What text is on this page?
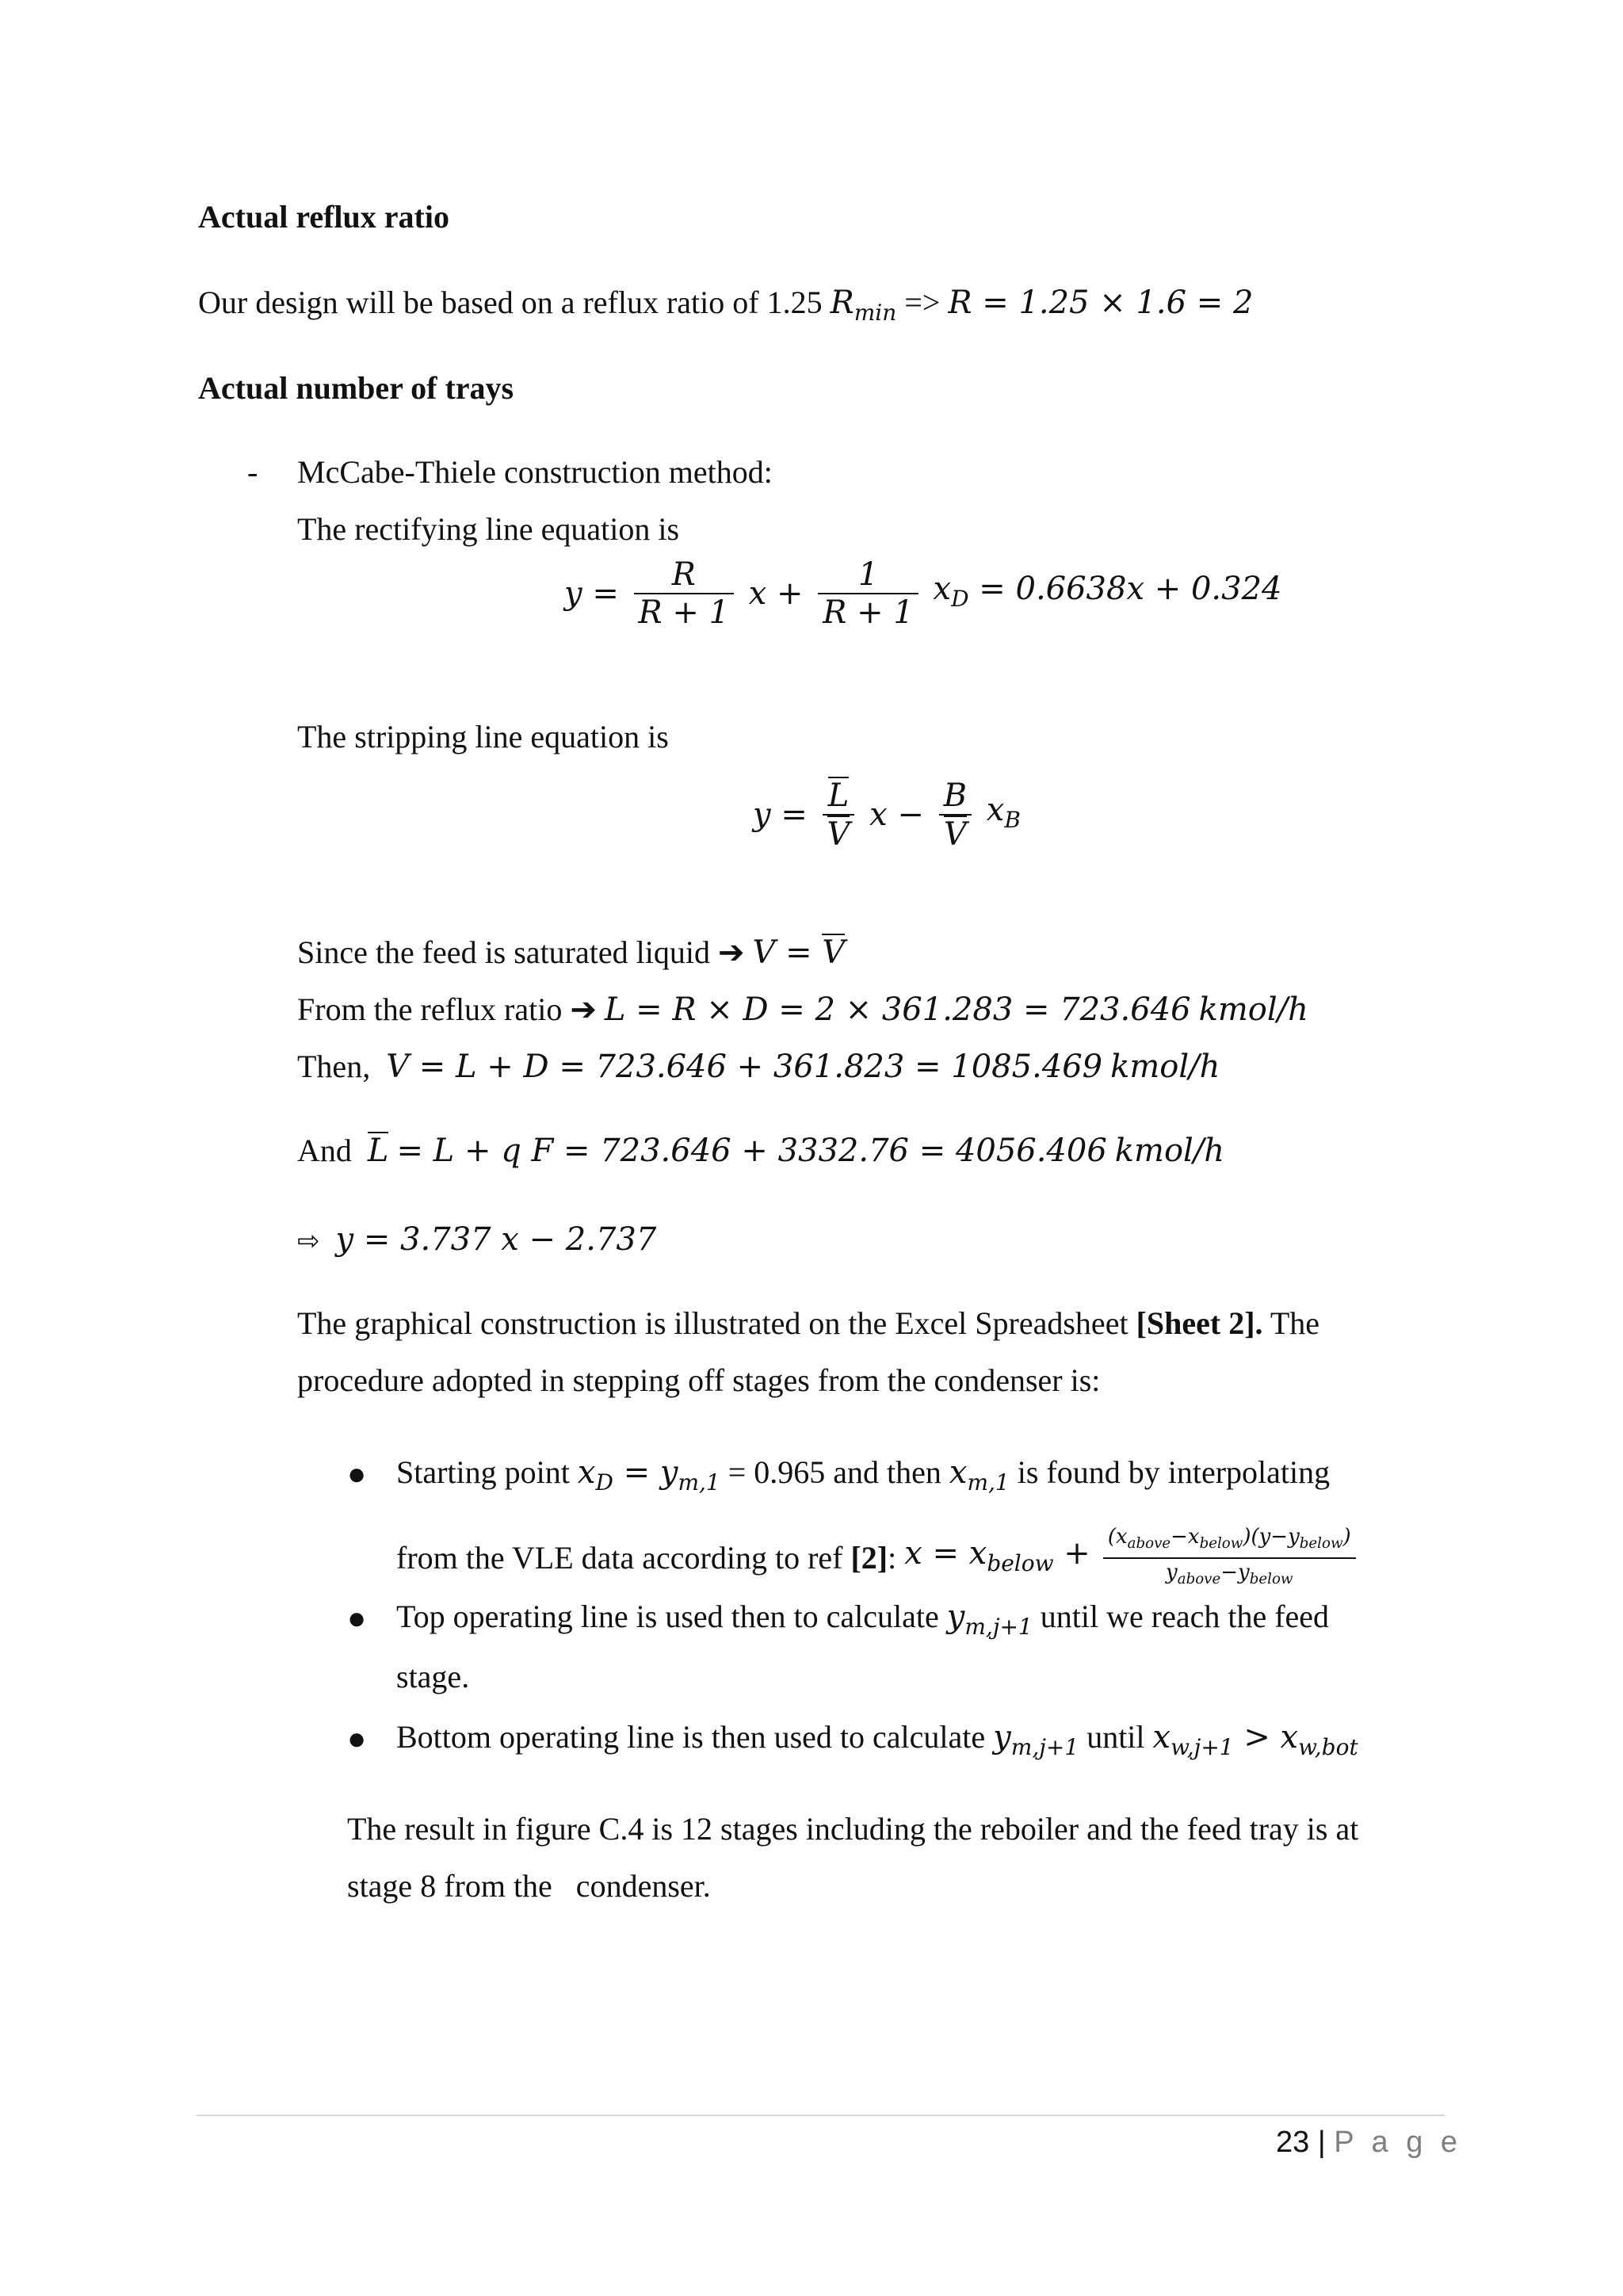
Actual reflux ratio
Our design will be based on a reflux ratio of 1.25 $R_{min} => R = 1.25 \times 1.6 = 2$
Actual number of trays
- McCabe-Thiele construction method:
The rectifying line equation is
$y = \frac{R}{R + 1}$ $x + \frac{1}{R + 1} x_D = 0.6638x + 0.324$
The stripping line equation is
$y = \frac{L}{V}$ $x - \frac{B}{V} x_B$
Since the feed is saturated liquid ➔ V = V
From the reflux ratio ➔ L = R × D = 2 × 361.283 = 723.646 kmol/h
Then, V = L + D = 723.646 + 361.823 = 1085.469 kmol/h
And L = L + q F = 723.646 + 3332.76 = 4056.406 kmol/h
⇨ y = 3.737 x − 2.737
The graphical construction is illustrated on the Excel Spreadsheet [Sheet 2]. The
procedure adopted in stepping off stages from the condenser is:
● Starting point $x_D = y_{m,1} = 0.965$ and then $x_{m,1}$ is found by interpolating
from the VLE data according to ref [2]: $x = x_{below} + \frac{(x_{above}-x_{below})(y-y_{below})}{y_{above}-y_{below}}$
● Top operating line is used then to calculate $y_{m,j+1}$ until we reach the feed
stage.
● Bottom operating line is then used to calculate $y_{m,j+1}$ until $x_{w,j+1} > x_{w,bot}$
The result in figure C.4 is 12 stages including the reboiler and the feed tray is at
stage 8 from the   condenser.
23 | P a g e
